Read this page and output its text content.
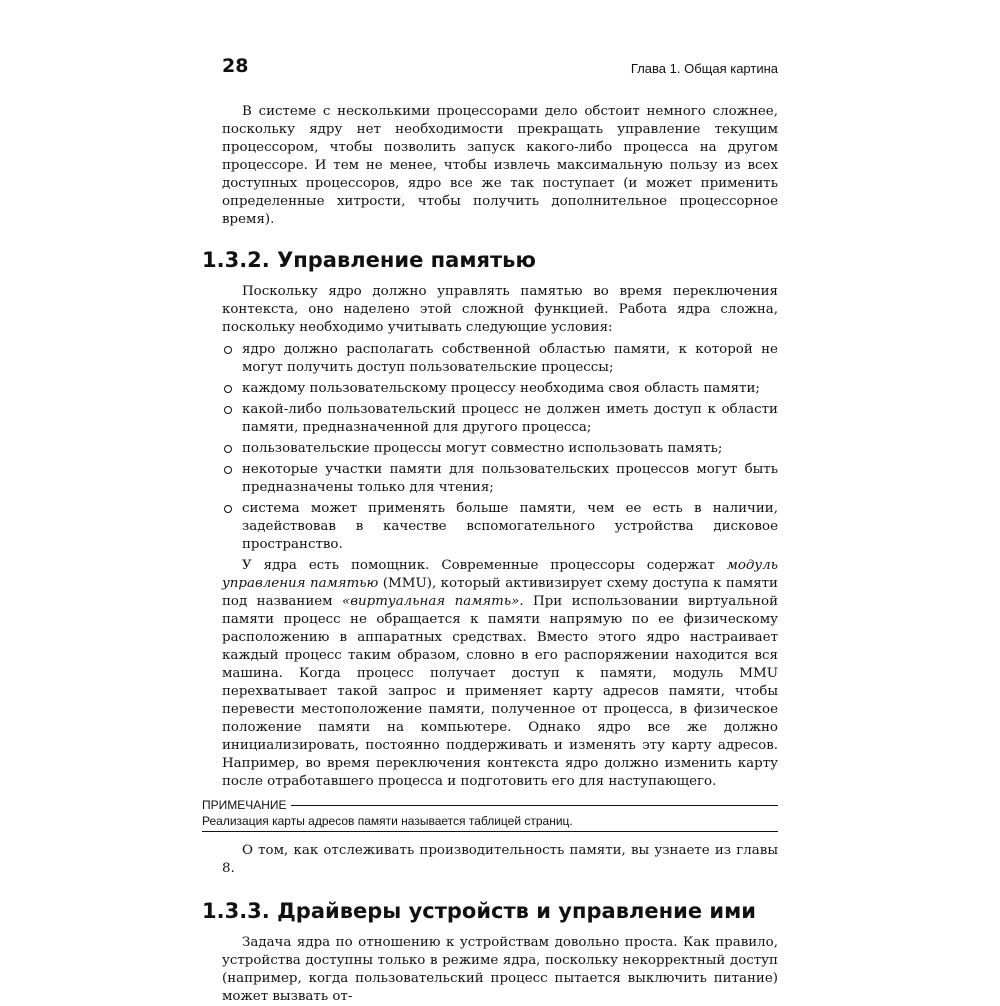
28	Глава 1. Общая картина

В системе с несколькими процессорами дело обстоит немного сложнее, поскольку ядру нет необходимости прекращать управление текущим процессором, чтобы позволить запуск какого-либо процесса на другом процессоре. И тем не менее, чтобы извлечь максимальную пользу из всех доступных процессоров, ядро все же так поступает (и может применить определенные хитрости, чтобы получить дополнительное процессорное время).

1.3.2. Управление памятью

Поскольку ядро должно управлять памятью во время переключения контекста, оно наделено этой сложной функцией. Работа ядра сложна, поскольку необходимо учитывать следующие условия:

ядро должно располагать собственной областью памяти, к которой не могут получить доступ пользовательские процессы;
каждому пользовательскому процессу необходима своя область памяти;
какой-либо пользовательский процесс не должен иметь доступ к области памяти, предназначенной для другого процесса;
пользовательские процессы могут совместно использовать память;
некоторые участки памяти для пользовательских процессов могут быть предназначены только для чтения;
система может применять больше памяти, чем ее есть в наличии, задействовав в качестве вспомогательного устройства дисковое пространство.

У ядра есть помощник. Современные процессоры содержат модуль управления памятью (MMU), который активизирует схему доступа к памяти под названием «виртуальная память». При использовании виртуальной памяти процесс не обращается к памяти напрямую по ее физическому расположению в аппаратных средствах. Вместо этого ядро настраивает каждый процесс таким образом, словно в его распоряжении находится вся машина. Когда процесс получает доступ к памяти, модуль MMU перехватывает такой запрос и применяет карту адресов памяти, чтобы перевести местоположение памяти, полученное от процесса, в физическое положение памяти на компьютере. Однако ядро все же должно инициализировать, постоянно поддерживать и изменять эту карту адресов. Например, во время переключения контекста ядро должно изменить карту после отработавшего процесса и подготовить его для наступающего.

ПРИМЕЧАНИЕ
Реализация карты адресов памяти называется таблицей страниц.

О том, как отслеживать производительность памяти, вы узнаете из главы 8.

1.3.3. Драйверы устройств и управление ими

Задача ядра по отношению к устройствам довольно проста. Как правило, устройства доступны только в режиме ядра, поскольку некорректный доступ (например, когда пользовательский процесс пытается выключить питание) может вызвать от-
